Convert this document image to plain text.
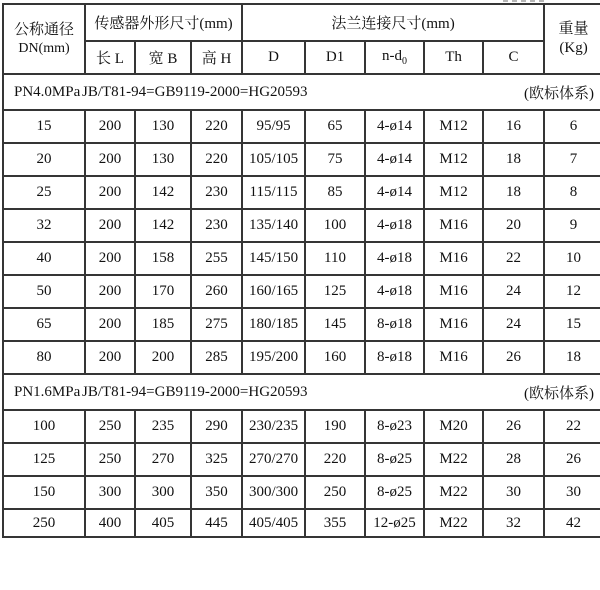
公称通径
DN(mm)
	传感器外形尺寸(mm)	法兰连接尺寸(mm)	重量
(Kg)

	长 L	宽 B	高 H	D	D1	$n-d_0$	Th	C	

PN4.0MPa JB/T81-94=GB9119-2000=HG20593 (欧标体系)									

15	200	130	220	95/95	65	4-ø14	M12	16	6
20	200	130	220	105/105	75	4-ø14	M12	18	7
25	200	142	230	115/115	85	4-ø14	M12	18	8
32	200	142	230	135/140	100	4-ø18	M16	20	9
40	200	158	255	145/150	110	4-ø18	M16	22	10
50	200	170	260	160/165	125	4-ø18	M16	24	12
65	200	185	275	180/185	145	8-ø18	M16	24	15
80	200	200	285	195/200	160	8-ø18	M16	26	18

PN1.6MPa JB/T81-94=GB9119-2000=HG20593 (欧标体系)									

100	250	235	290	230/235	190	8-ø23	M20	26	22
125	250	270	325	270/270	220	8-ø25	M22	28	26
150	300	300	350	300/300	250	8-ø25	M22	30	30
250	400	405	445	405/405	355	12-ø25	M22	32	42
